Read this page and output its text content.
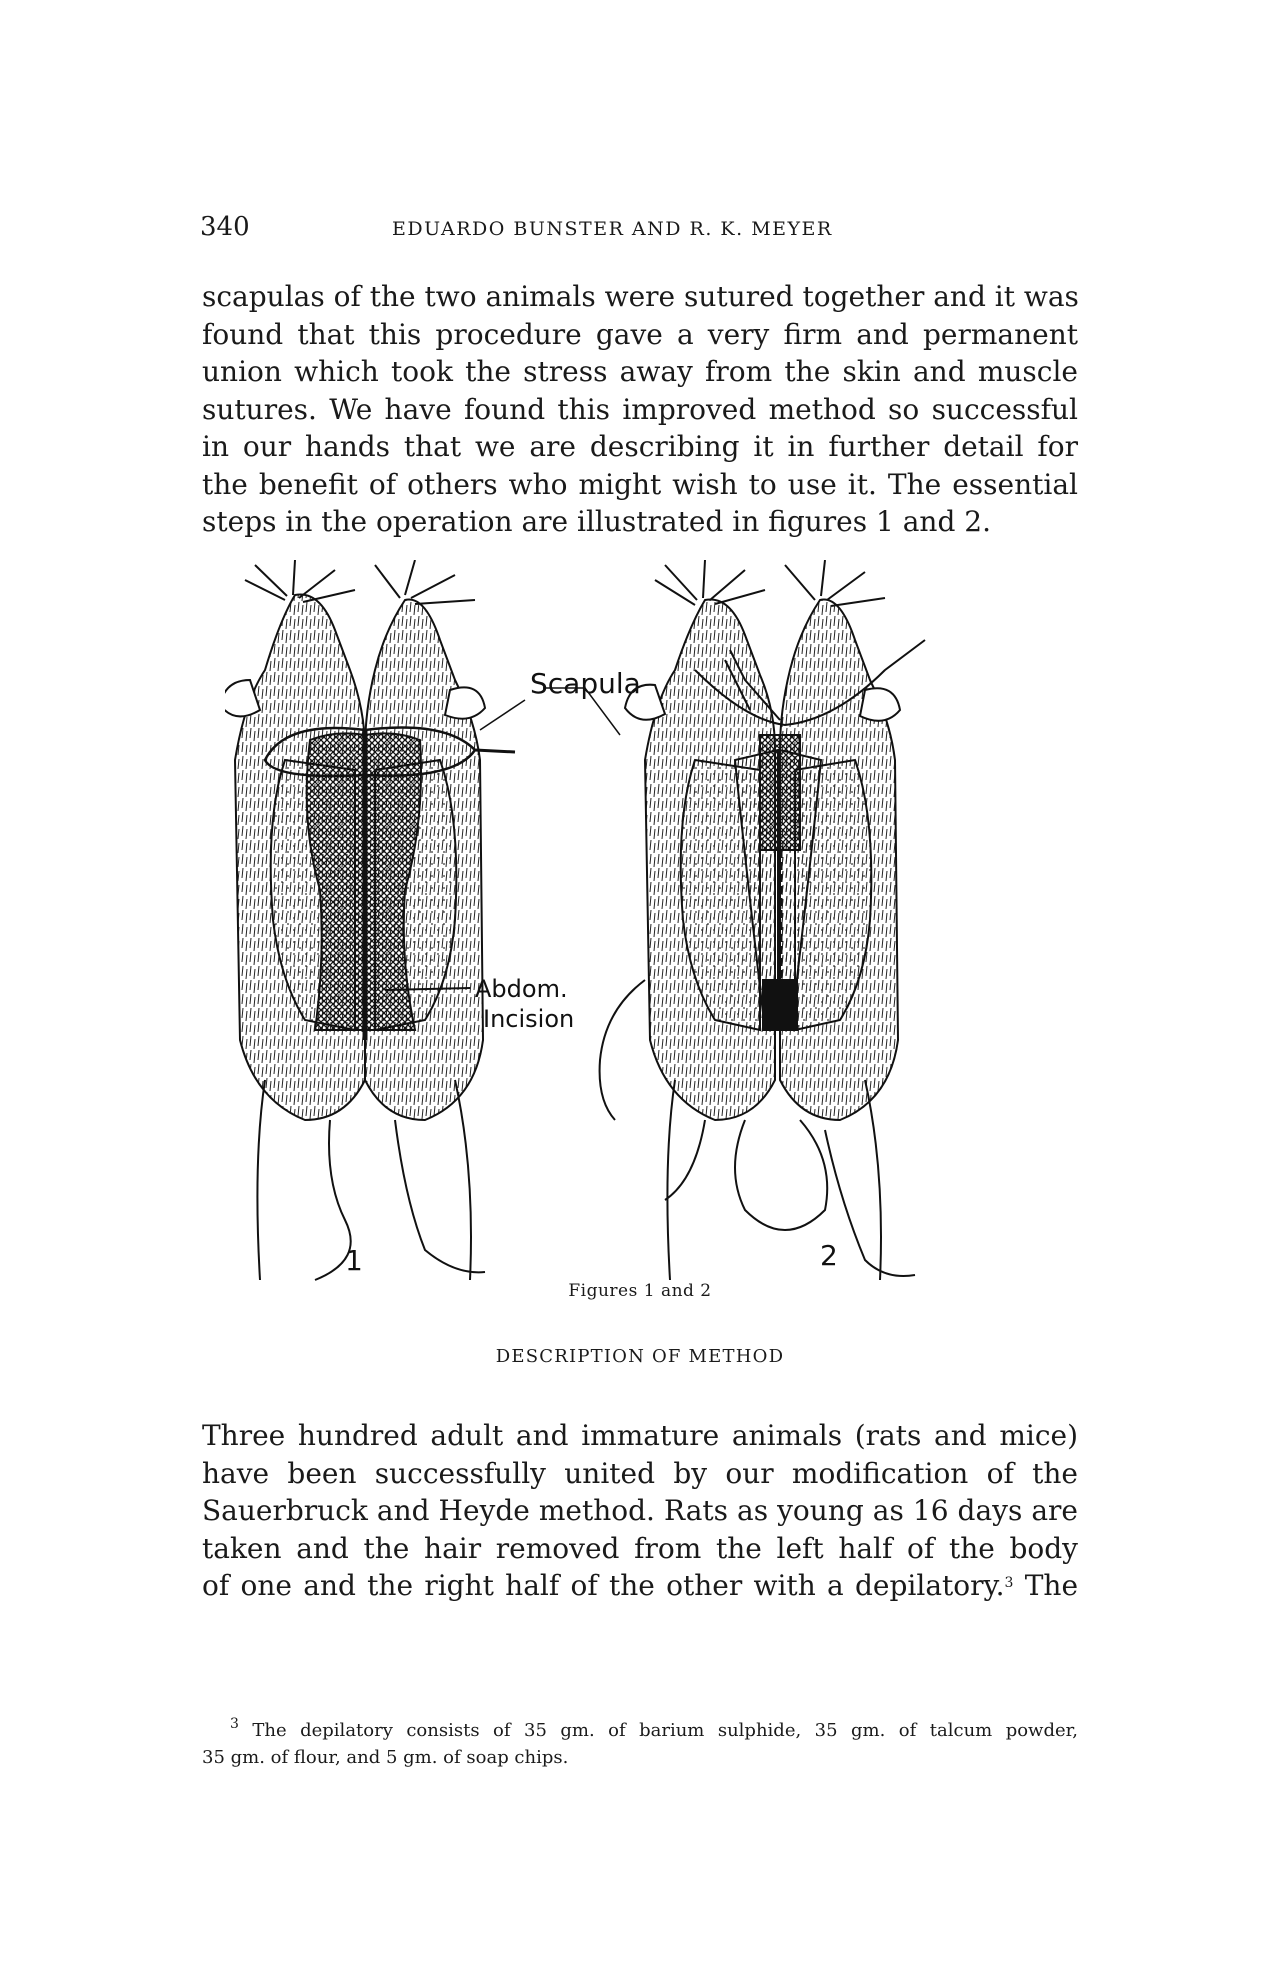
340	EDUARDO BUNSTER AND R. K. MEYER

scapulas of the two animals were sutured together and it was
found that this procedure gave a very firm and permanent
union which took the stress away from the skin and muscle
sutures. We have found this improved method so successful
in our hands that we are describing it in further detail for
the benefit of others who might wish to use it. The essential
steps in the operation are illustrated in figures 1 and 2.

Scapula
Abdom.
Incision
1	2
Figures 1 and 2
DESCRIPTION OF METHOD

Three hundred adult and immature animals (rats and mice)
have been successfully united by our modification of the
Sauerbruck and Heyde method. Rats as young as 16 days are
taken and the hair removed from the left half of the body
of one and the right half of the other with a depilatory.$^3$ The

$^3$ The depilatory consists of 35 gm. of barium sulphide, 35 gm. of talcum powder,
35 gm. of flour, and 5 gm. of soap chips.
